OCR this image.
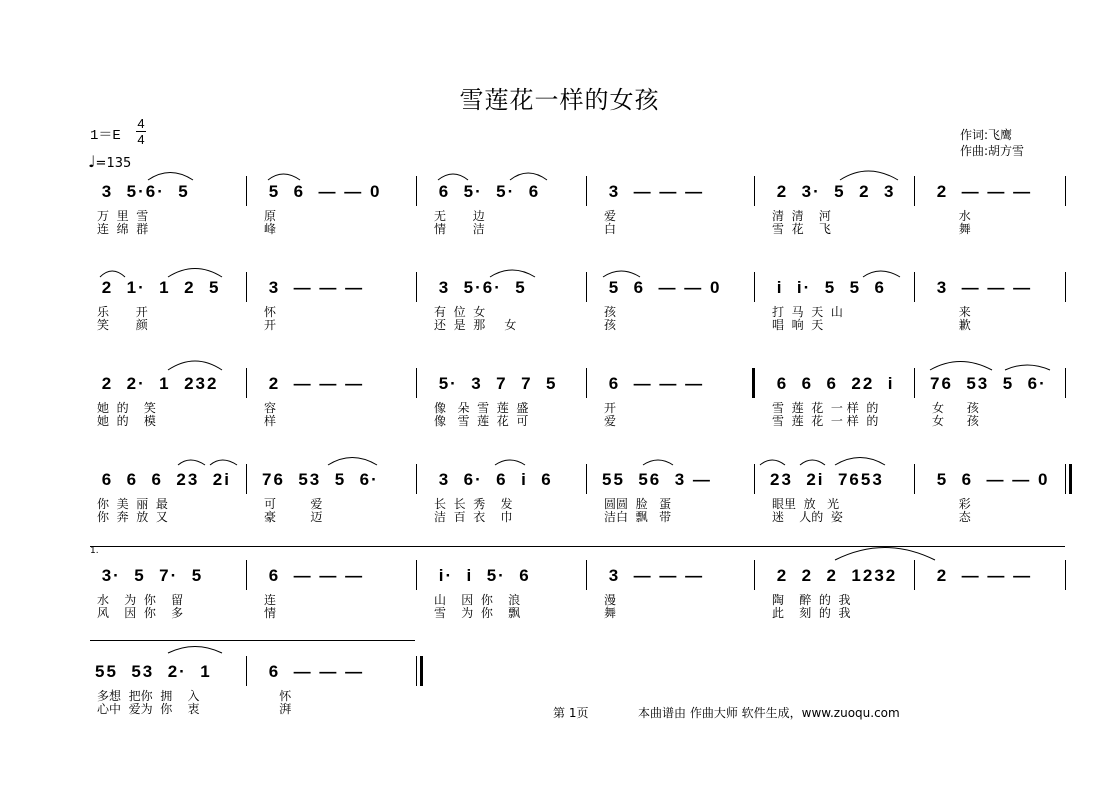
雪莲花一样的女孩
1＝E
4
4
♩=135
作词:飞鹰
作曲:胡方雪
3  5·6·  5
万  里  雪
连  绵  群
5  6  — — 0
原
峰
6  5·  5·  6
无       边
情       洁
3  — — —
爱
白
2  3·  5  2  3
清  清    河
雪  花    飞
2  — — —
水
舞
2  1·  1  2  5
乐       开
笑       颜
3  — — —
怀
开
3  5·6·  5
有  位  女
还  是  那     女
5  6  — — 0
孩
孩
i  i·  5  5  6
打  马  天  山
唱  响  天
3  — — —
来
歉
2  2·  1  232
她  的    笑
她  的    模
2  — — —
容
样
5·  3  7  7  5
像   朵  雪  莲  盛
像   雪  莲  花  可
6  — — —
开
爱
6  6  6  22  i
雪  莲  花  一 样  的
雪  莲  花  一 样  的
76  53  5  6·
女      孩
女      孩
6  6  6  23  2i
你  美  丽  最
你  奔  放  又
76  53  5  6·
可         爱
豪         迈
3  6·  6  i  6
长  长  秀    发
洁  百  衣    巾
55  56  3 —
圆圆  脸   蛋
洁白  飘   带
23  2i  7653
眼里  放   光
迷    人的  姿
5  6  — — 0
彩
态
3·  5  7·  5
水    为  你    留
风    因  你    多
6  — — —
连
情
i·  i  5·  6
山    因  你    浪
雪    为  你    飘
3  — — —
漫
舞
2  2  2  1232
陶    醉  的  我
此    刻  的  我
2  — — —
55  53  2·  1
多想  把你  拥    入
心中  爱为  你    衷
6  — — —
怀
湃
1.
第 1页	本曲谱由 作曲大师 软件生成，www.zuoqu.com
